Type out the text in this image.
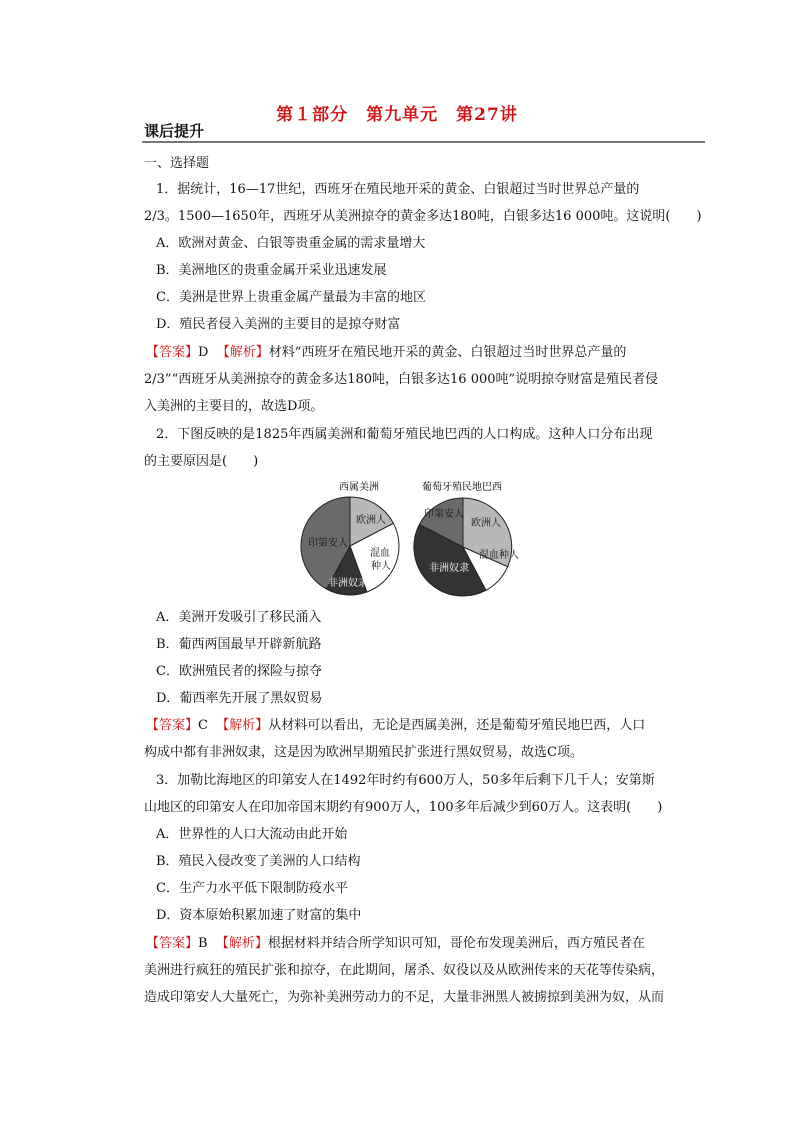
第１部分　第九单元　第27讲
课后提升
一、选择题
1．据统计，16—17世纪，西班牙在殖民地开采的黄金、白银超过当时世界总产量的
2/3。1500—1650年，西班牙从美洲掠夺的黄金多达180吨，白银多达16 000吨。这说明(　　)
A．欧洲对黄金、白银等贵重金属的需求量增大
B．美洲地区的贵重金属开采业迅速发展
C．美洲是世界上贵重金属产量最为丰富的地区
D．殖民者侵入美洲的主要目的是掠夺财富
【答案】D 【解析】材料“西班牙在殖民地开采的黄金、白银超过当时世界总产量的
2/3”“西班牙从美洲掠夺的黄金多达180吨，白银多达16 000吨”说明掠夺财富是殖民者侵
入美洲的主要目的，故选D项。
2．下图反映的是1825年西属美洲和葡萄牙殖民地巴西的人口构成。这种人口分布出现
的主要原因是(　　)
西属美洲
欧洲人
混血
种人
印第安人
非洲奴隶
葡萄牙殖民地巴西
欧洲人
印第安人
非洲奴隶
混血种人
A．美洲开发吸引了移民涌入
B．葡西两国最早开辟新航路
C．欧洲殖民者的探险与掠夺
D．葡西率先开展了黑奴贸易
【答案】C 【解析】从材料可以看出，无论是西属美洲，还是葡萄牙殖民地巴西，人口
构成中都有非洲奴隶，这是因为欧洲早期殖民扩张进行黑奴贸易，故选C项。
3．加勒比海地区的印第安人在1492年时约有600万人，50多年后剩下几千人；安第斯
山地区的印第安人在印加帝国末期约有900万人，100多年后减少到60万人。这表明(　　)
A．世界性的人口大流动由此开始
B．殖民入侵改变了美洲的人口结构
C．生产力水平低下限制防疫水平
D．资本原始积累加速了财富的集中
【答案】B 【解析】根据材料并结合所学知识可知，哥伦布发现美洲后，西方殖民者在
美洲进行疯狂的殖民扩张和掠夺，在此期间，屠杀、奴役以及从欧洲传来的天花等传染病，
造成印第安人大量死亡，为弥补美洲劳动力的不足，大量非洲黑人被掳掠到美洲为奴，从而
